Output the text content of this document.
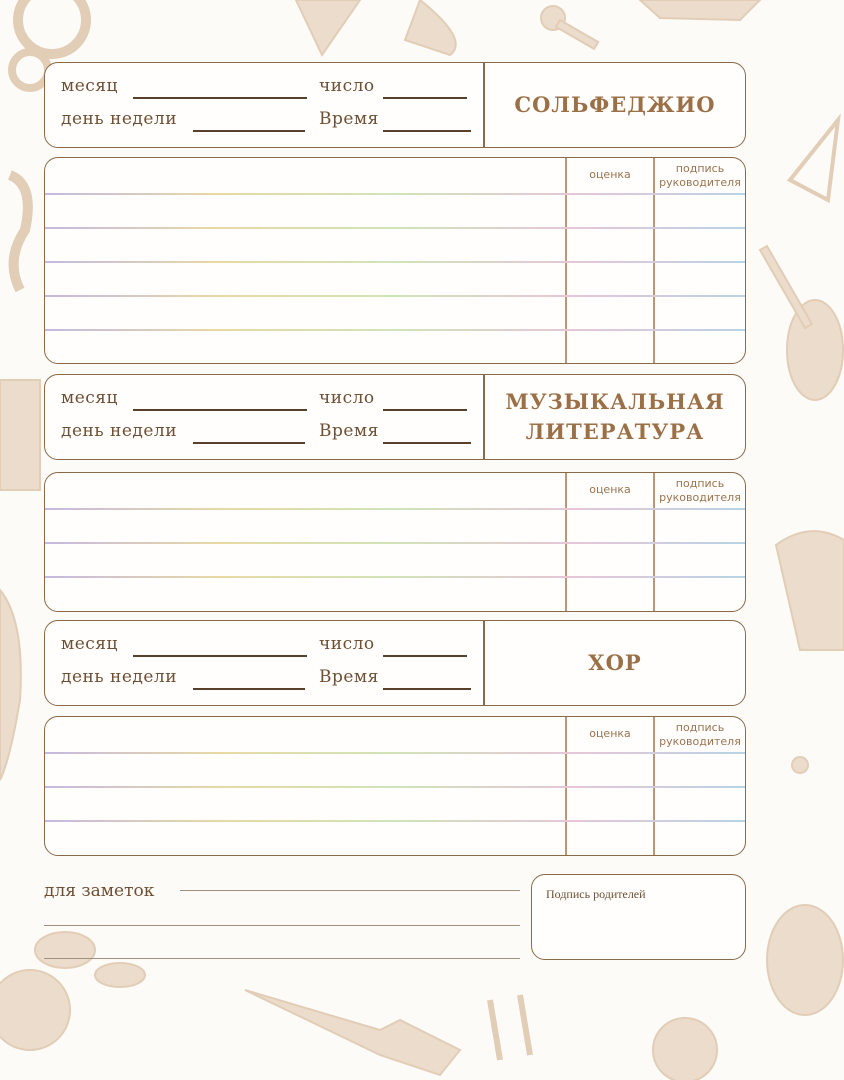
месяц	число
день недели	Время
СОЛЬФЕДЖИО
оценка	подпись
руководителя
месяц	число
день недели	Время
МУЗЫКАЛЬНАЯ
ЛИТЕРАТУРА
оценка	подпись
руководителя
месяц	число
день недели	Время
ХОР
оценка	подпись
руководителя
для заметок	Подпись родителей
